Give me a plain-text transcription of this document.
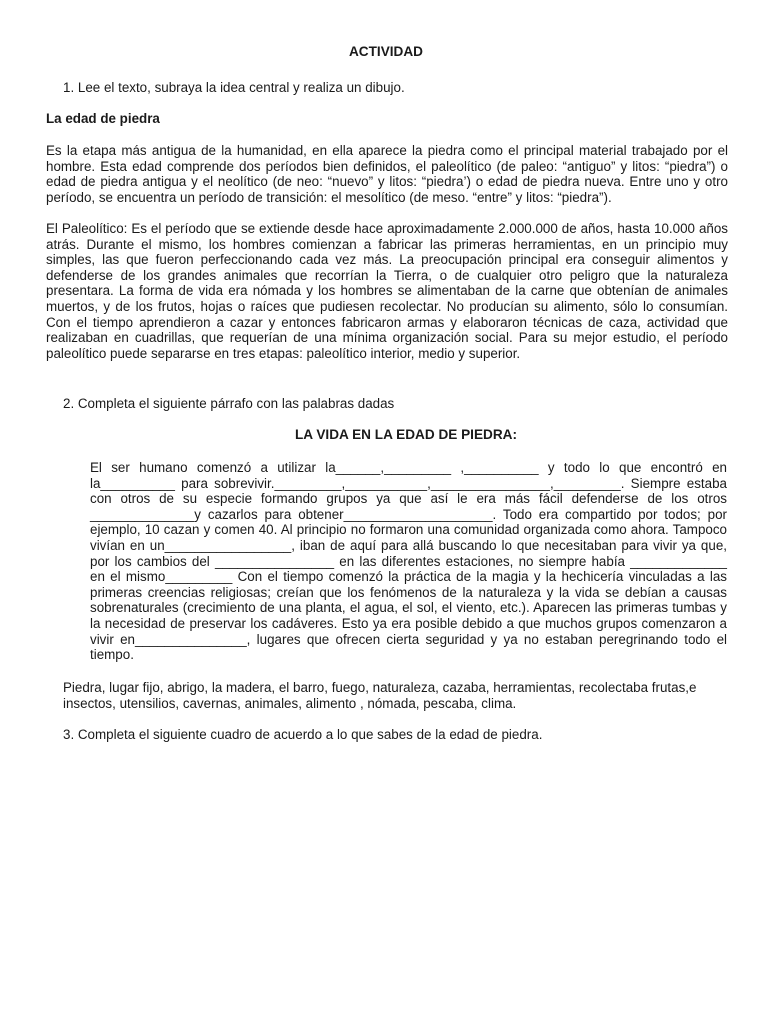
ACTIVIDAD
1. Lee el texto, subraya la idea central y realiza un dibujo.
La edad de piedra
Es la etapa más antigua de la humanidad, en ella aparece la piedra como el principal material trabajado por el hombre. Esta edad comprende dos períodos bien definidos, el paleolítico (de paleo: “antiguo” y litos: “piedra”) o edad de piedra antigua y el neolítico (de neo: “nuevo” y litos: “piedra’) o edad de piedra nueva. Entre uno y otro período, se encuentra un período de transición: el mesolítico (de meso. “entre” y litos: “piedra”).
El Paleolítico: Es el período que se extiende desde hace aproximadamente 2.000.000 de años, hasta 10.000 años atrás. Durante el mismo, los hombres comienzan a fabricar las primeras herramientas, en un principio muy simples, las que fueron perfeccionando cada vez más. La preocupación principal era conseguir alimentos y defenderse de los grandes animales que recorrían la Tierra, o de cualquier otro peligro que la naturaleza presentara. La forma de vida era nómada y los hombres se alimentaban de la carne que obtenían de animales muertos, y de los frutos, hojas o raíces que pudiesen recolectar. No producían su alimento, sólo lo consumían. Con el tiempo aprendieron a cazar y entonces fabricaron armas y elaboraron técnicas de caza, actividad que realizaban en cuadrillas, que requerían de una mínima organización social. Para su mejor estudio, el período paleolítico puede separarse en tres etapas: paleolítico interior, medio y superior.
2. Completa el siguiente párrafo con las palabras dadas
LA VIDA EN LA EDAD DE PIEDRA:
El ser humano comenzó a utilizar la______,_________ ,__________ y todo lo que encontró en la__________ para sobrevivir._________,___________,________________,_________. Siempre estaba con otros de su especie formando grupos ya que así le era más fácil defenderse de los otros ______________y cazarlos para obtener____________________. Todo era compartido por todos; por ejemplo, 10 cazan y comen 40. Al principio no formaron una comunidad organizada como ahora. Tampoco vivían en un_________________, iban de aquí para allá buscando lo que necesitaban para vivir ya que, por los cambios del ________________ en las diferentes estaciones, no siempre había _____________ en el mismo_________ Con el tiempo comenzó la práctica de la magia y la hechicería vinculadas a las primeras creencias religiosas; creían que los fenómenos de la naturaleza y la vida se debían a causas sobrenaturales (crecimiento de una planta, el agua, el sol, el viento, etc.). Aparecen las primeras tumbas y la necesidad de preservar los cadáveres. Esto ya era posible debido a que muchos grupos comenzaron a vivir en_______________, lugares que ofrecen cierta seguridad y ya no estaban peregrinando todo el tiempo.
Piedra, lugar fijo, abrigo, la madera, el barro, fuego, naturaleza, cazaba, herramientas, recolectaba frutas,e insectos, utensilios, cavernas, animales, alimento , nómada, pescaba, clima.
3. Completa el siguiente cuadro de acuerdo a lo que sabes de la edad de piedra.
